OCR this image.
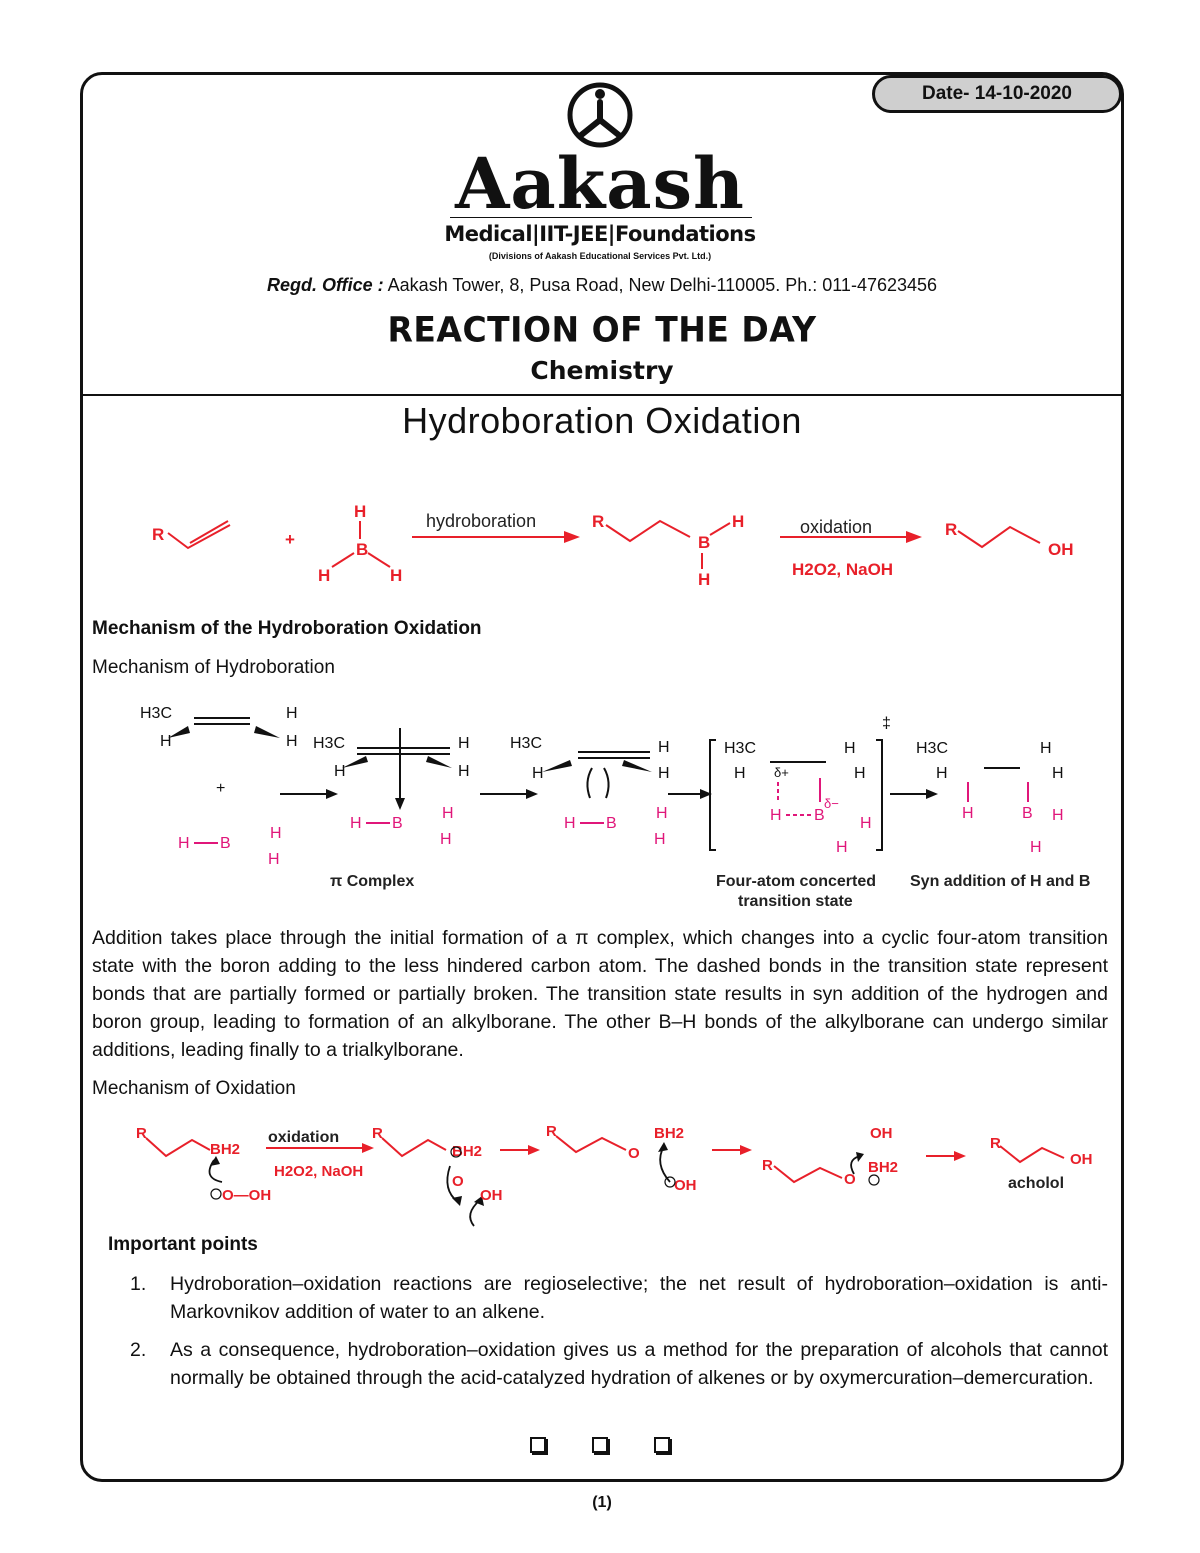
Date- 14-10-2020
Aakash
Medical|IIT-JEE|Foundations
(Divisions of Aakash Educational Services Pvt. Ltd.)
Regd. Office : Aakash Tower, 8, Pusa Road, New Delhi-110005. Ph.: 011-47623456
REACTION OF THE DAY
Chemistry
Hydroboration Oxidation
R	+
H
B
H	H
R
B
H
H
H2O2, NaOH
R
OH
hydroboration	oxidation
Mechanism of the Hydroboration Oxidation
Mechanism of Hydroboration
H3C	H
H	H
+
H3C	H
H	H
H3C	H
H	H
H3C	H
H	H
δ+
‡
H3C	H
H	H
H B
H
H
H B
H
H
H B
H
H
H B
δ−
H
H
H	B H
H
π Complex	Four-atom concerted
transition state
Syn addition of H and B
Addition takes place through the initial formation of a π complex, which changes into a cyclic four-atom transition state with the boron adding to the less hindered carbon atom. The dashed bonds in the transition state represent bonds that are partially formed or partially broken. The transition state results in syn addition of the hydrogen and boron group, leading to formation of an alkylborane. The other B–H bonds of the alkylborane can undergo similar additions, leading finally to a trialkylborane.
Mechanism of Oxidation
R
BH2
O—OH
H2O2, NaOH
R
BH2
O
OH
R
O
BH2
OH
R
O
OH
BH2
R
OH
oxidation
acholol
Important points
1. Hydroboration–oxidation reactions are regioselective; the net result of hydroboration–oxidation is anti-Markovnikov addition of water to an alkene.
2. As a consequence, hydroboration–oxidation gives us a method for the preparation of alcohols that cannot normally be obtained through the acid-catalyzed hydration of alkenes or by oxymercuration–demercuration.
(1)
